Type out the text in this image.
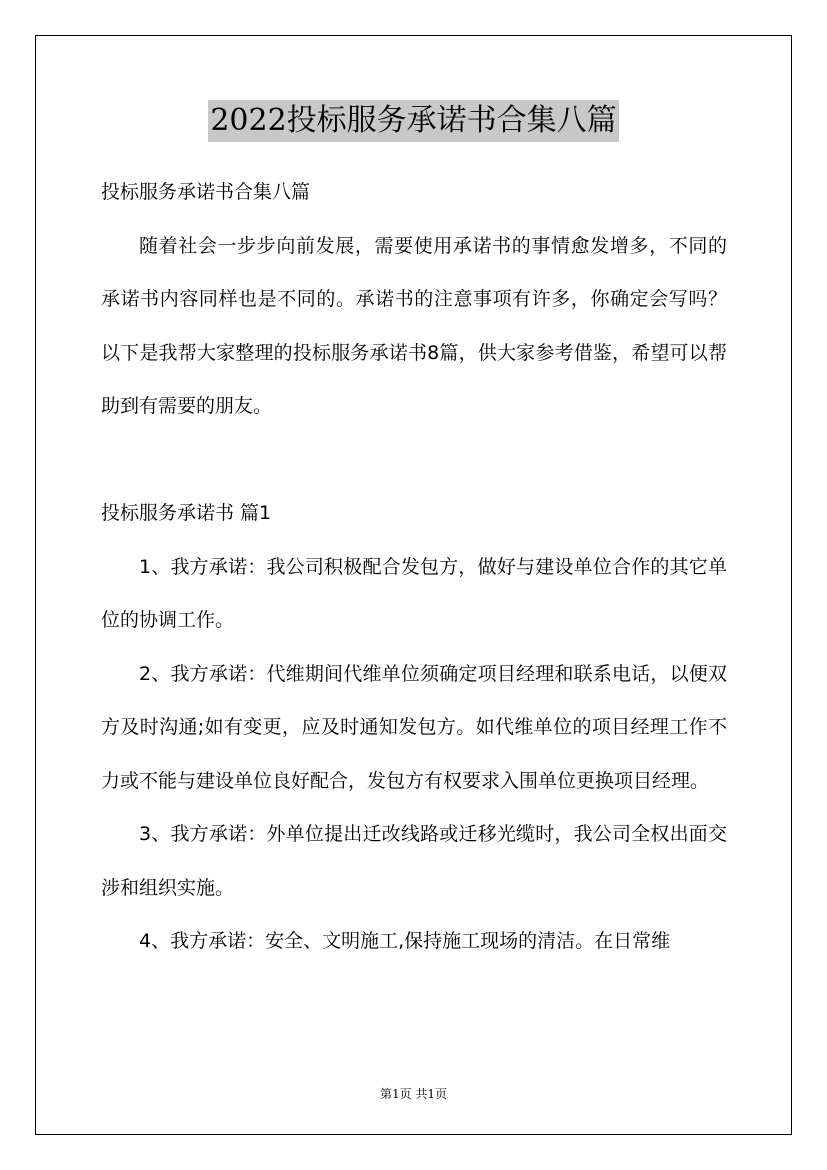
2022投标服务承诺书合集八篇

投标服务承诺书合集八篇

随着社会一步步向前发展，需要使用承诺书的事情愈发增多，不同的承诺书内容同样也是不同的。承诺书的注意事项有许多，你确定会写吗？以下是我帮大家整理的投标服务承诺书8篇，供大家参考借鉴，希望可以帮助到有需要的朋友。

投标服务承诺书 篇1

1、我方承诺：我公司积极配合发包方，做好与建设单位合作的其它单位的协调工作。

2、我方承诺：代维期间代维单位须确定项目经理和联系电话，以便双方及时沟通;如有变更，应及时通知发包方。如代维单位的项目经理工作不力或不能与建设单位良好配合，发包方有权要求入围单位更换项目经理。

3、我方承诺：外单位提出迁改线路或迁移光缆时，我公司全权出面交涉和组织实施。

4、我方承诺：安全、文明施工,保持施工现场的清洁。在日常维

第1页 共1页
